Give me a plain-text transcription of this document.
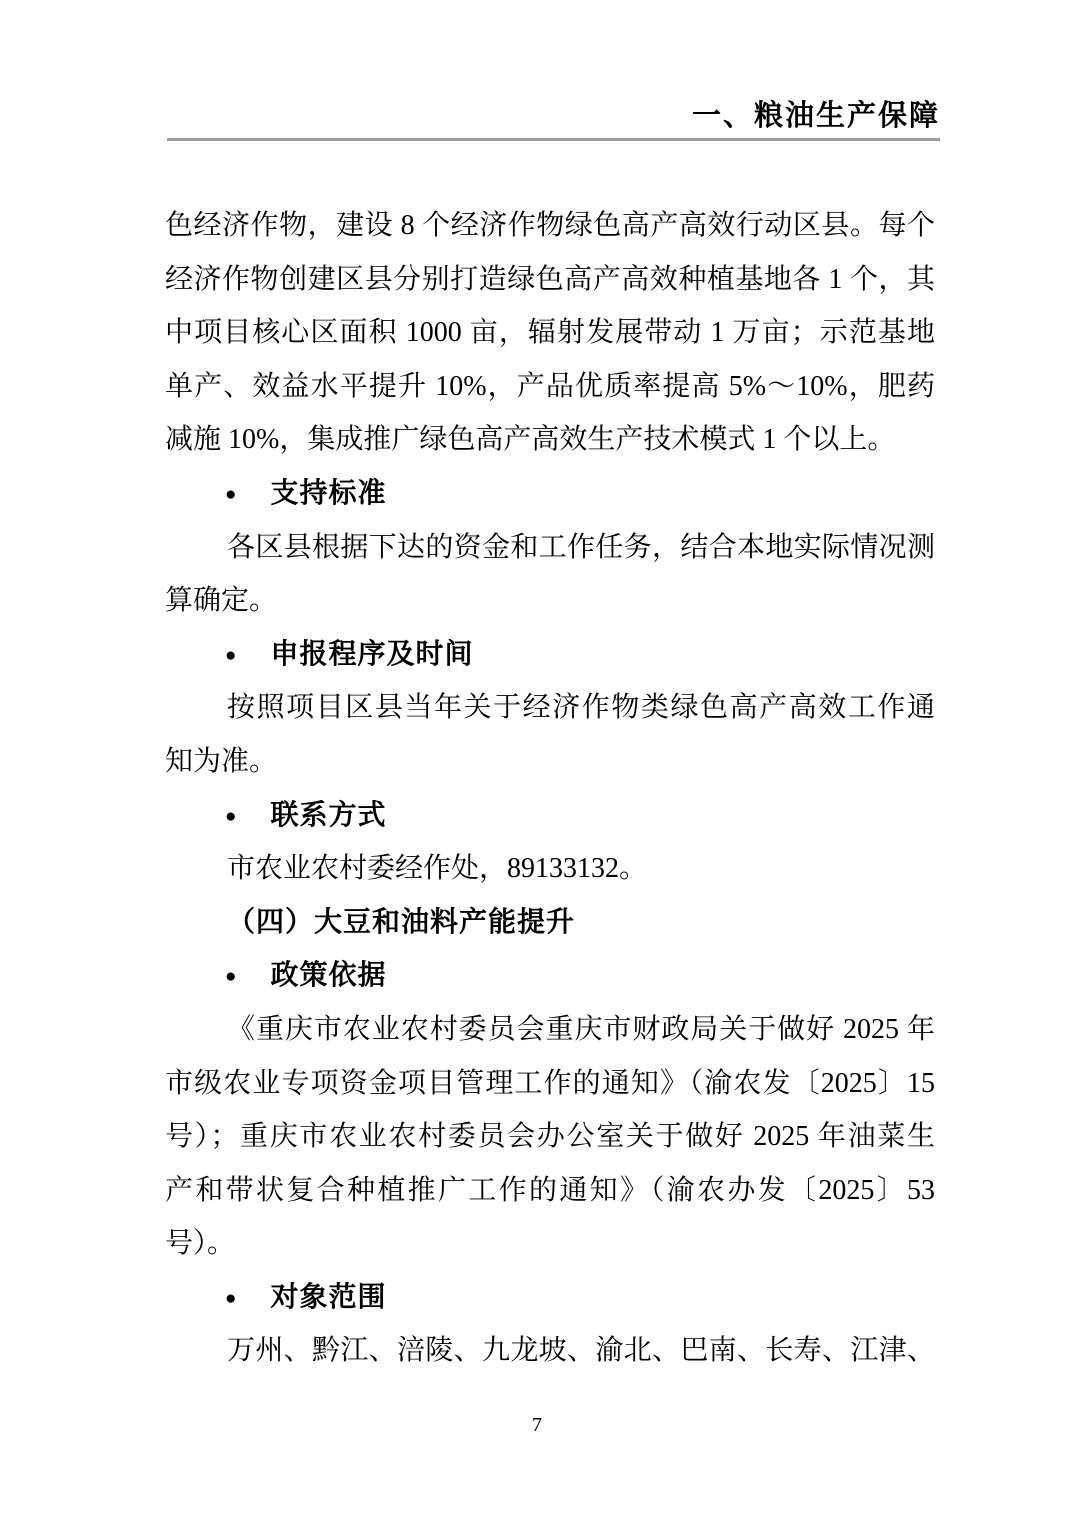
一、粮油生产保障
色经济作物，建设 8 个经济作物绿色高产高效行动区县。每个
经济作物创建区县分别打造绿色高产高效种植基地各 1 个，其
中项目核心区面积 1000 亩，辐射发展带动 1 万亩；示范基地
单产、效益水平提升 10%，产品优质率提高 5%～10%，肥药
减施 10%，集成推广绿色高产高效生产技术模式 1 个以上。
● 支持标准
各区县根据下达的资金和工作任务，结合本地实际情况测
算确定。
● 申报程序及时间
按照项目区县当年关于经济作物类绿色高产高效工作通
知为准。
● 联系方式
市农业农村委经作处，89133132。
（四）大豆和油料产能提升
● 政策依据
《重庆市农业农村委员会重庆市财政局关于做好 2025 年
市级农业专项资金项目管理工作的通知》（渝农发〔2025〕15
号）；重庆市农业农村委员会办公室关于做好 2025 年油菜生
产和带状复合种植推广工作的通知》（渝农办发〔2025〕53
号）。
● 对象范围
万州、黔江、涪陵、九龙坡、渝北、巴南、长寿、江津、
7
